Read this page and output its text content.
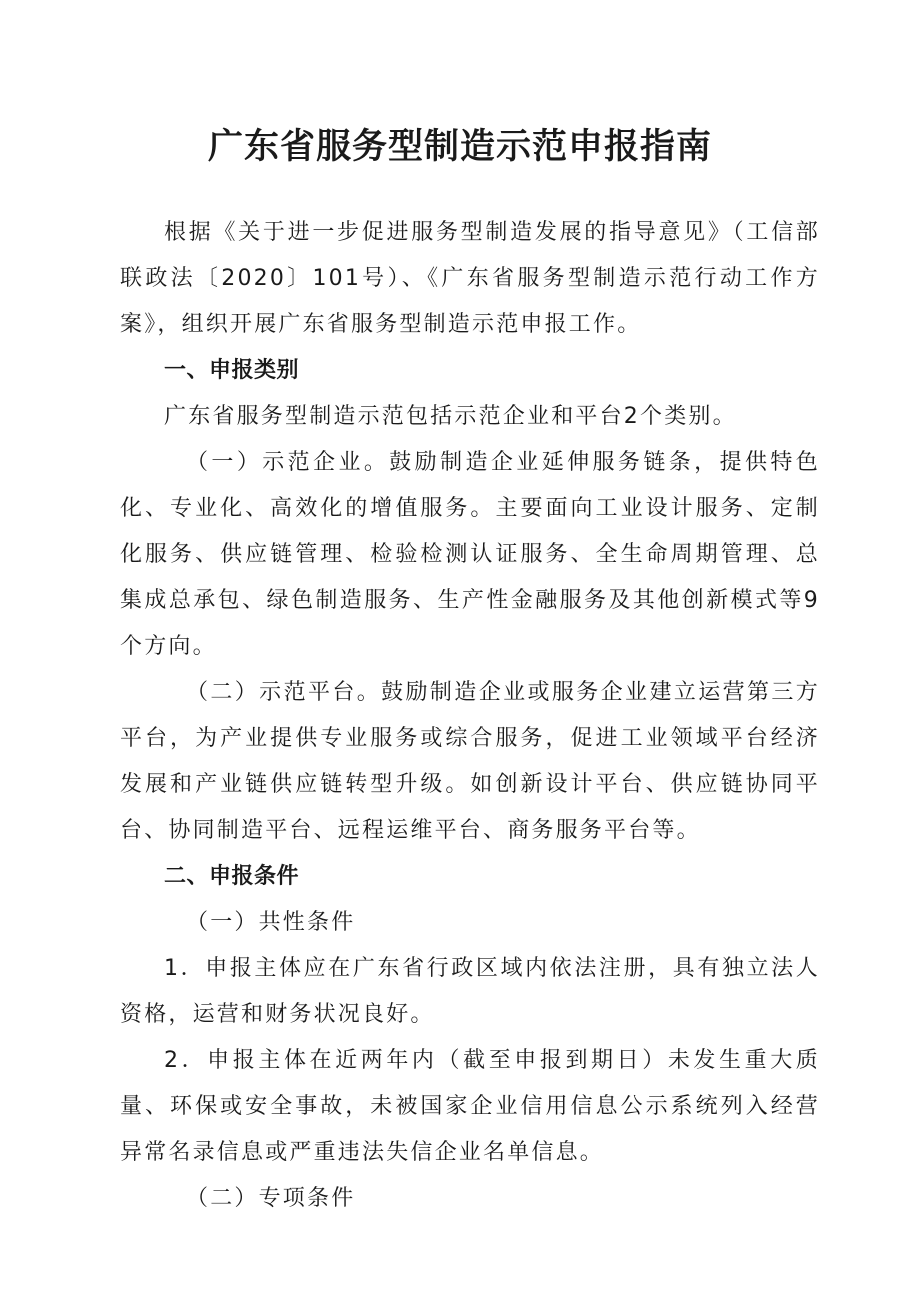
广东省服务型制造示范申报指南

根据《关于进一步促进服务型制造发展的指导意见》（工信部联政法〔2020〕101号）、《广东省服务型制造示范行动工作方案》，组织开展广东省服务型制造示范申报工作。

一、申报类别

广东省服务型制造示范包括示范企业和平台2个类别。

（一）示范企业。鼓励制造企业延伸服务链条，提供特色化、专业化、高效化的增值服务。主要面向工业设计服务、定制化服务、供应链管理、检验检测认证服务、全生命周期管理、总集成总承包、绿色制造服务、生产性金融服务及其他创新模式等9个方向。

（二）示范平台。鼓励制造企业或服务企业建立运营第三方平台，为产业提供专业服务或综合服务，促进工业领域平台经济发展和产业链供应链转型升级。如创新设计平台、供应链协同平台、协同制造平台、远程运维平台、商务服务平台等。

二、申报条件

（一）共性条件

1．申报主体应在广东省行政区域内依法注册，具有独立法人资格，运营和财务状况良好。

2．申报主体在近两年内（截至申报到期日）未发生重大质量、环保或安全事故，未被国家企业信用信息公示系统列入经营异常名录信息或严重违法失信企业名单信息。

（二）专项条件
